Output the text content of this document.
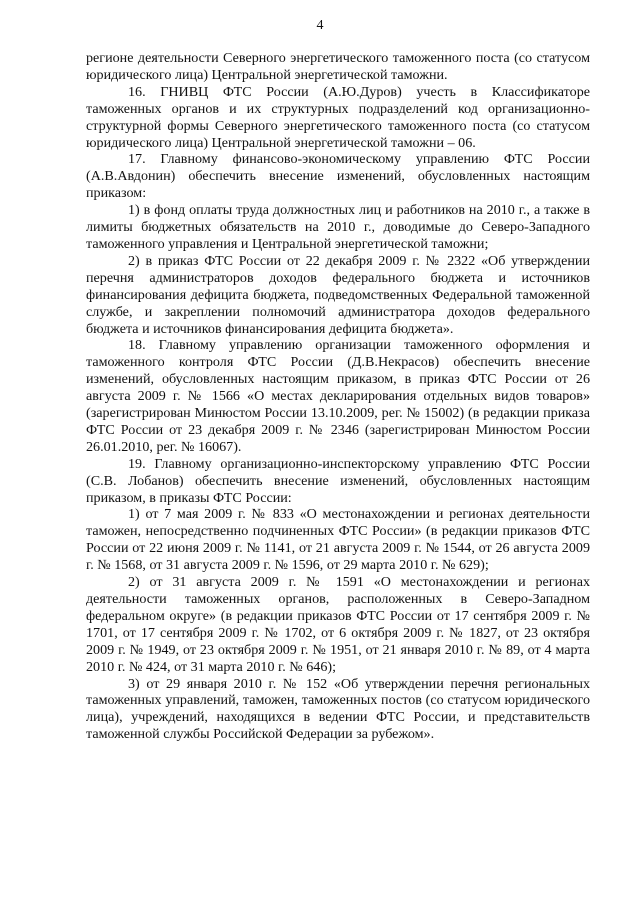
4

регионе деятельности Северного энергетического таможенного поста (со статусом юридического лица) Центральной энергетической таможни.

16. ГНИВЦ ФТС России (А.Ю.Дуров) учесть в Классификаторе таможенных органов и их структурных подразделений код организационно-структурной формы Северного энергетического таможенного поста (со статусом юридического лица) Центральной энергетической таможни – 06.

17. Главному финансово-экономическому управлению ФТС России (А.В.Авдонин) обеспечить внесение изменений, обусловленных настоящим приказом:

1) в фонд оплаты труда должностных лиц и работников на 2010 г., а также в лимиты бюджетных обязательств на 2010 г., доводимые до Северо-Западного таможенного управления и Центральной энергетической таможни;

2) в приказ ФТС России от 22 декабря 2009 г. № 2322 «Об утверждении перечня администраторов доходов федерального бюджета и источников финансирования дефицита бюджета, подведомственных Федеральной таможенной службе, и закреплении полномочий администратора доходов федерального бюджета и источников финансирования дефицита бюджета».

18. Главному управлению организации таможенного оформления и таможенного контроля ФТС России (Д.В.Некрасов) обеспечить внесение изменений, обусловленных настоящим приказом, в приказ ФТС России от 26 августа 2009 г. № 1566 «О местах декларирования отдельных видов товаров» (зарегистрирован Минюстом России 13.10.2009, рег. № 15002) (в редакции приказа ФТС России от 23 декабря 2009 г. № 2346 (зарегистрирован Минюстом России 26.01.2010, рег. № 16067).

19. Главному организационно-инспекторскому управлению ФТС России (С.В. Лобанов) обеспечить внесение изменений, обусловленных настоящим приказом, в приказы ФТС России:

1) от 7 мая 2009 г. № 833 «О местонахождении и регионах деятельности таможен, непосредственно подчиненных ФТС России» (в редакции приказов ФТС России от 22 июня 2009 г. № 1141, от 21 августа 2009 г. № 1544, от 26 августа 2009 г. № 1568, от 31 августа 2009 г. № 1596, от 29 марта 2010 г. № 629);

2) от 31 августа 2009 г. № 1591 «О местонахождении и регионах деятельности таможенных органов, расположенных в Северо-Западном федеральном округе» (в редакции приказов ФТС России от 17 сентября 2009 г. № 1701, от 17 сентября 2009 г. № 1702, от 6 октября 2009 г. № 1827, от 23 октября 2009 г. № 1949, от 23 октября 2009 г. № 1951, от 21 января 2010 г. № 89, от 4 марта 2010 г. № 424, от 31 марта 2010 г. № 646);

3) от 29 января 2010 г. № 152 «Об утверждении перечня региональных таможенных управлений, таможен, таможенных постов (со статусом юридического лица), учреждений, находящихся в ведении ФТС России, и представительств таможенной службы Российской Федерации за рубежом».
